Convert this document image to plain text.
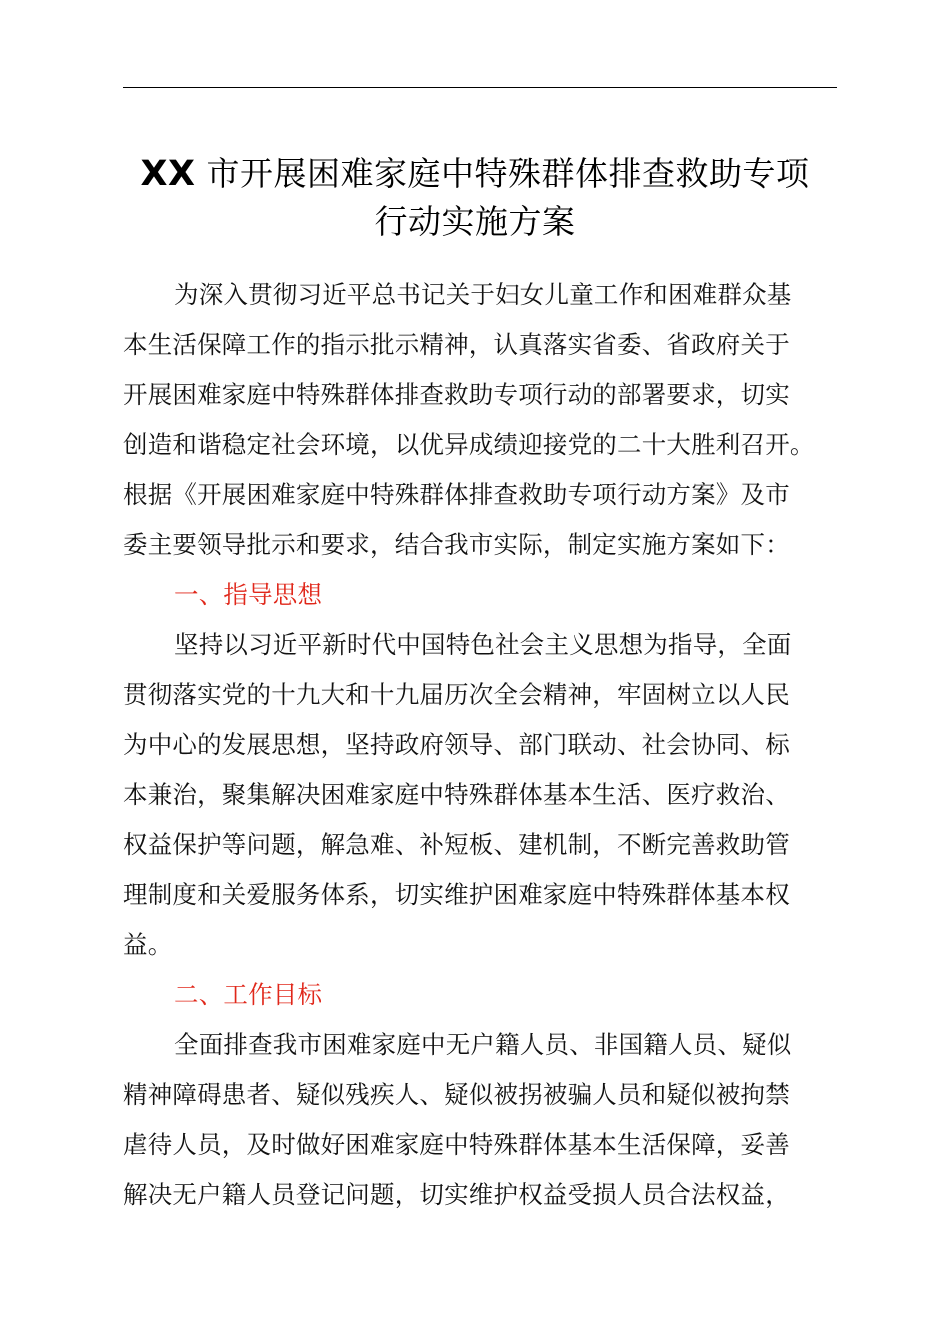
XX 市开展困难家庭中特殊群体排查救助专项
行动实施方案
为深入贯彻习近平总书记关于妇女儿童工作和困难群众基
本生活保障工作的指示批示精神，认真落实省委、省政府关于
开展困难家庭中特殊群体排查救助专项行动的部署要求，切实
创造和谐稳定社会环境，以优异成绩迎接党的二十大胜利召开。
根据《开展困难家庭中特殊群体排查救助专项行动方案》及市
委主要领导批示和要求，结合我市实际，制定实施方案如下：
一、指导思想
坚持以习近平新时代中国特色社会主义思想为指导，全面
贯彻落实党的十九大和十九届历次全会精神，牢固树立以人民
为中心的发展思想，坚持政府领导、部门联动、社会协同、标
本兼治，聚集解决困难家庭中特殊群体基本生活、医疗救治、
权益保护等问题，解急难、补短板、建机制，不断完善救助管
理制度和关爱服务体系，切实维护困难家庭中特殊群体基本权
益。
二、工作目标
全面排查我市困难家庭中无户籍人员、非国籍人员、疑似
精神障碍患者、疑似残疾人、疑似被拐被骗人员和疑似被拘禁
虐待人员，及时做好困难家庭中特殊群体基本生活保障，妥善
解决无户籍人员登记问题，切实维护权益受损人员合法权益，
